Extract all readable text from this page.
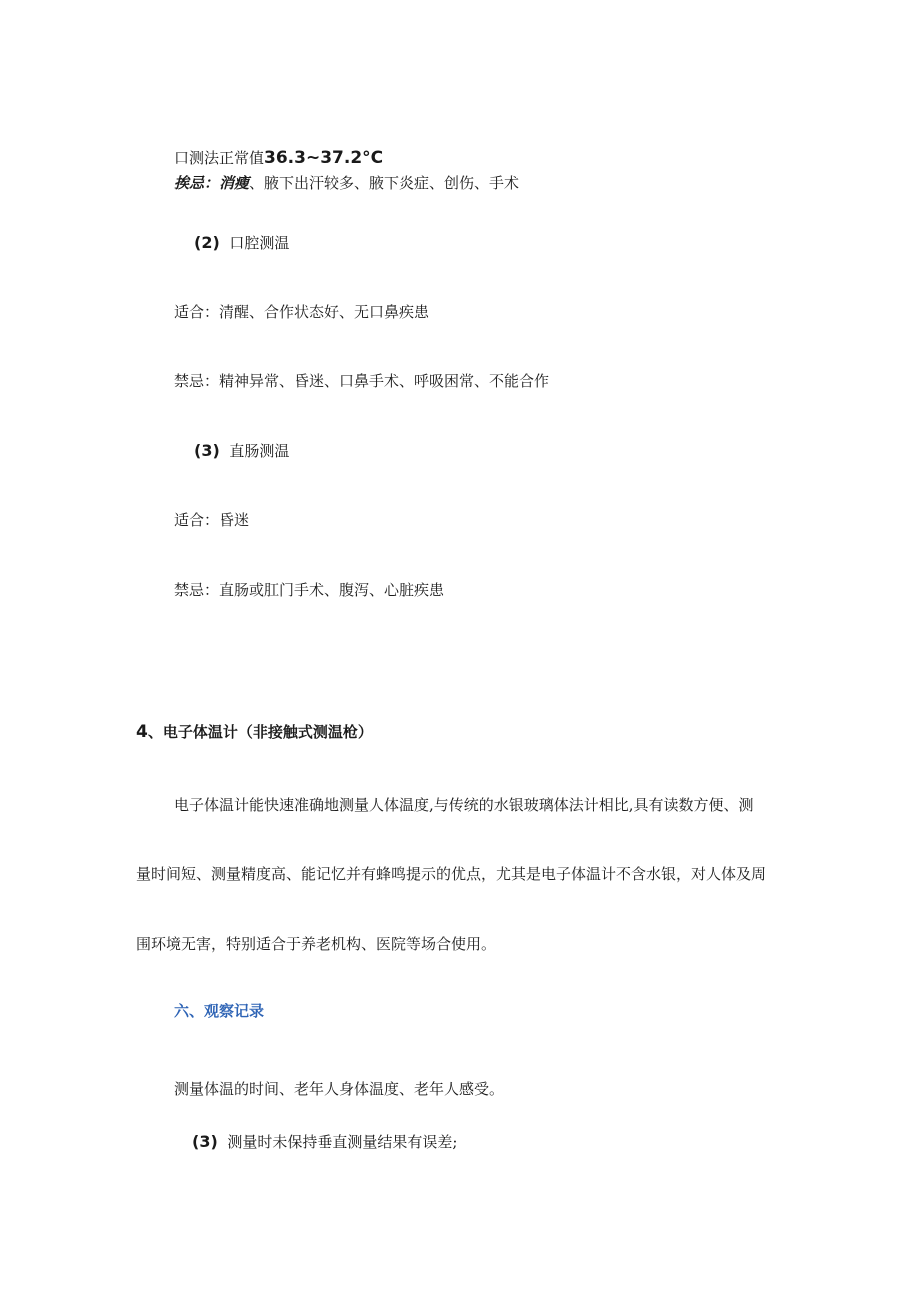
口测法正常值36.3~37.2°C
挨忌：消瘦、腋下出汗较多、腋下炎症、创伤、手术
(2) 口腔测温
适合：清醒、合作状态好、无口鼻疾患
禁忌：精神异常、昏迷、口鼻手术、呼吸困常、不能合作
(3) 直肠测温
适合：昏迷
禁忌：直肠或肛门手术、腹泻、心脏疾患
4、电子体温计（非接触式测温枪）
电子体温计能快速准确地测量人体温度,与传统的水银玻璃体法计相比,具有读数方便、测
量时间短、测量精度高、能记忆并有蜂鸣提示的优点，尤其是电子体温计不含水银，对人体及周
围环境无害，特别适合于养老机构、医院等场合使用。
六、观察记录
测量体温的时间、老年人身体温度、老年人感受。
(3) 测量时未保持垂直测量结果有误差;
